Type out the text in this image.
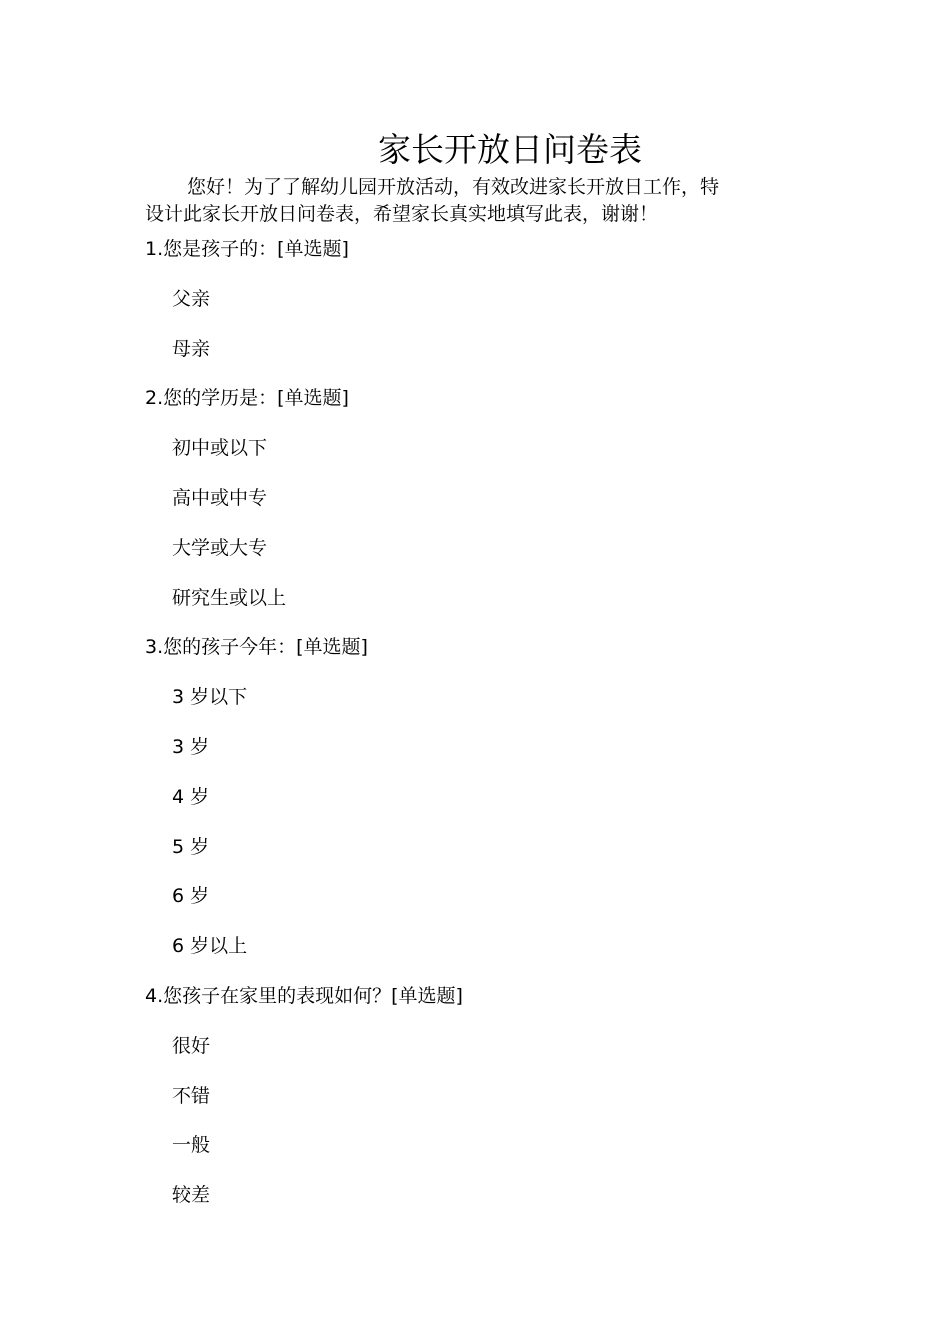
家长开放日问卷表
您好！为了了解幼儿园开放活动，有效改进家长开放日工作，特
设计此家长开放日问卷表，希望家长真实地填写此表，谢谢！
1.您是孩子的：[单选题]
父亲
母亲
2.您的学历是：[单选题]
初中或以下
高中或中专
大学或大专
研究生或以上
3.您的孩子今年：[单选题]
3 岁以下
3 岁
4 岁
5 岁
6 岁
6 岁以上
4.您孩子在家里的表现如何？[单选题]
很好
不错
一般
较差
